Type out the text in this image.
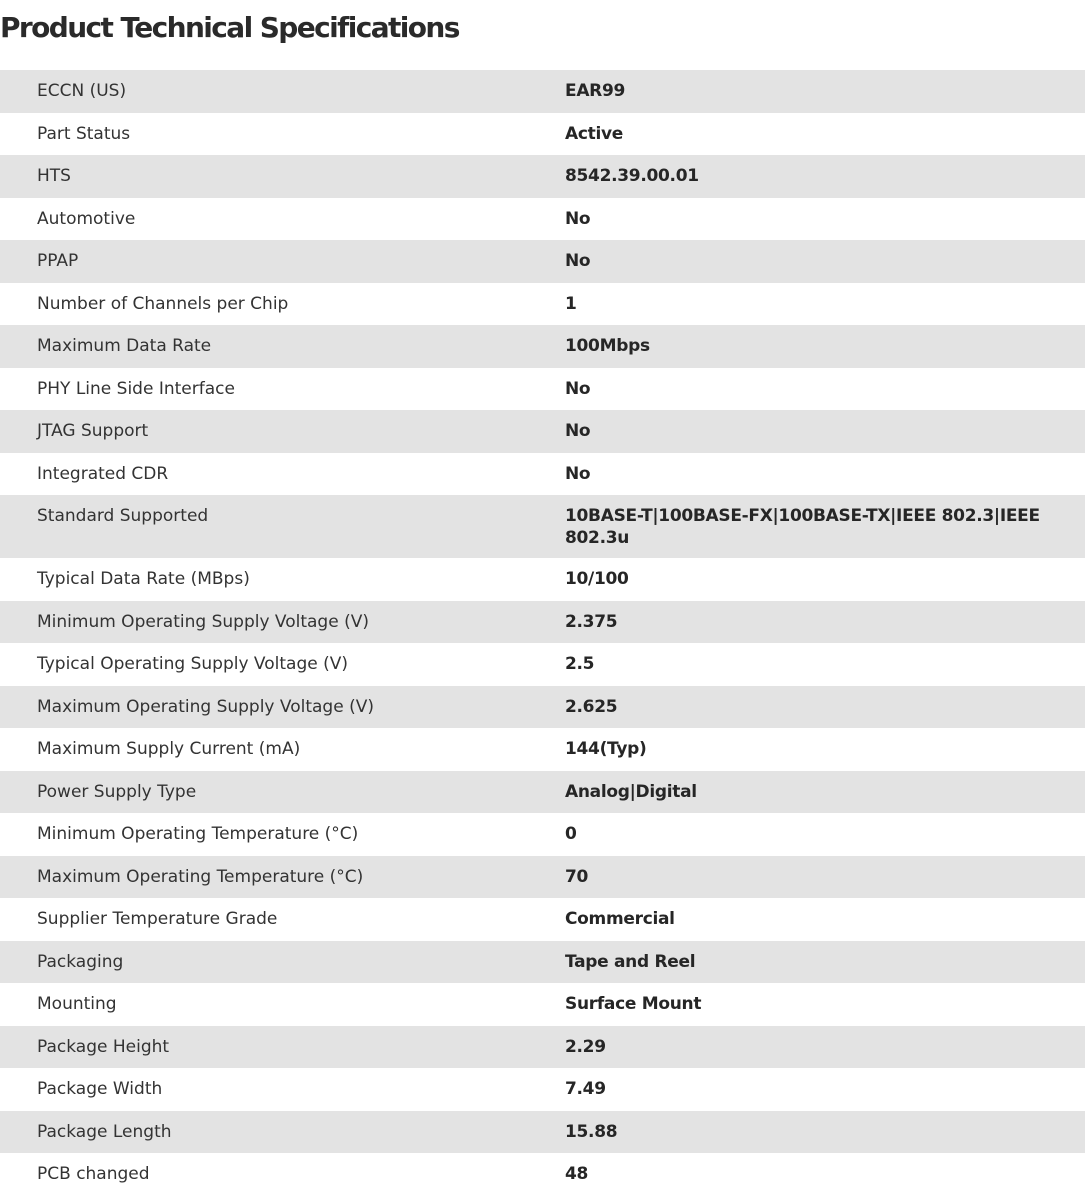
Product Technical Specifications
ECCN (US)	EAR99
Part Status	Active
HTS	8542.39.00.01
Automotive	No
PPAP	No
Number of Channels per Chip	1
Maximum Data Rate	100Mbps
PHY Line Side Interface	No
JTAG Support	No
Integrated CDR	No
Standard Supported	10BASE-T|100BASE-FX|100BASE-TX|IEEE 802.3|IEEE 802.3u
Typical Data Rate (MBps)	10/100
Minimum Operating Supply Voltage (V)	2.375
Typical Operating Supply Voltage (V)	2.5
Maximum Operating Supply Voltage (V)	2.625
Maximum Supply Current (mA)	144(Typ)
Power Supply Type	Analog|Digital
Minimum Operating Temperature (°C)	0
Maximum Operating Temperature (°C)	70
Supplier Temperature Grade	Commercial
Packaging	Tape and Reel
Mounting	Surface Mount
Package Height	2.29
Package Width	7.49
Package Length	15.88
PCB changed	48
